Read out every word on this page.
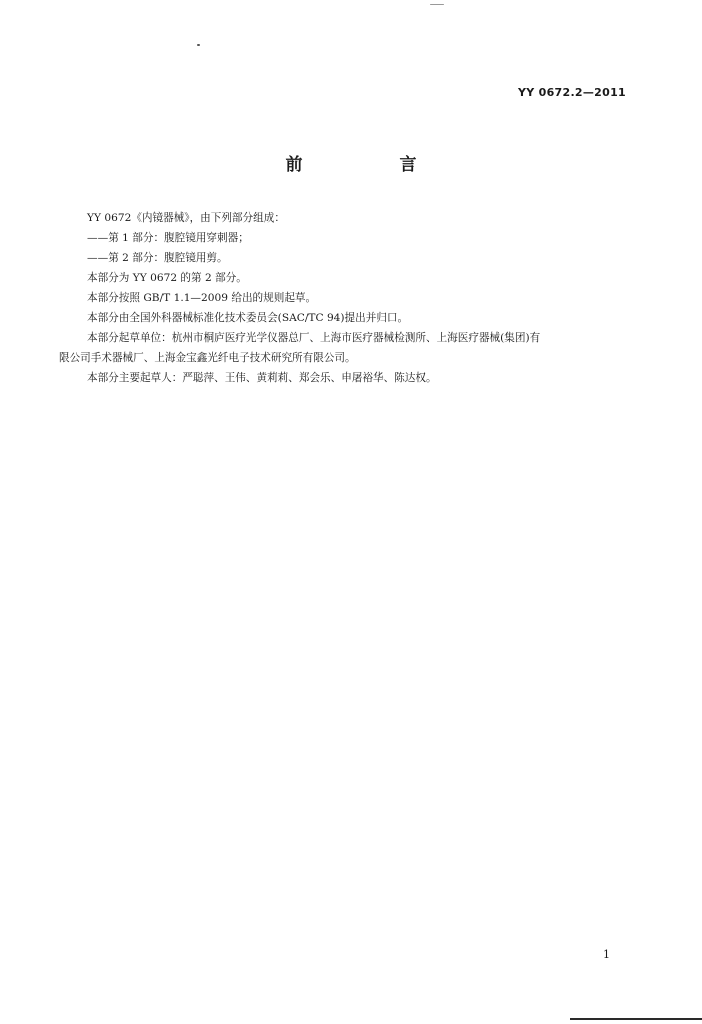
YY 0672.2—2011
前　言

YY 0672《内镜器械》，由下列部分组成：

——第 1 部分：腹腔镜用穿刺器；

——第 2 部分：腹腔镜用剪。

本部分为 YY 0672 的第 2 部分。

本部分按照 GB/T 1.1—2009 给出的规则起草。

本部分由全国外科器械标准化技术委员会(SAC/TC 94)提出并归口。

本部分起草单位：杭州市桐庐医疗光学仪器总厂、上海市医疗器械检测所、上海医疗器械(集团)有

限公司手术器械厂、上海金宝鑫光纤电子技术研究所有限公司。

本部分主要起草人：严聪萍、王伟、黄莉莉、郑会乐、申屠裕华、陈达权。

1
